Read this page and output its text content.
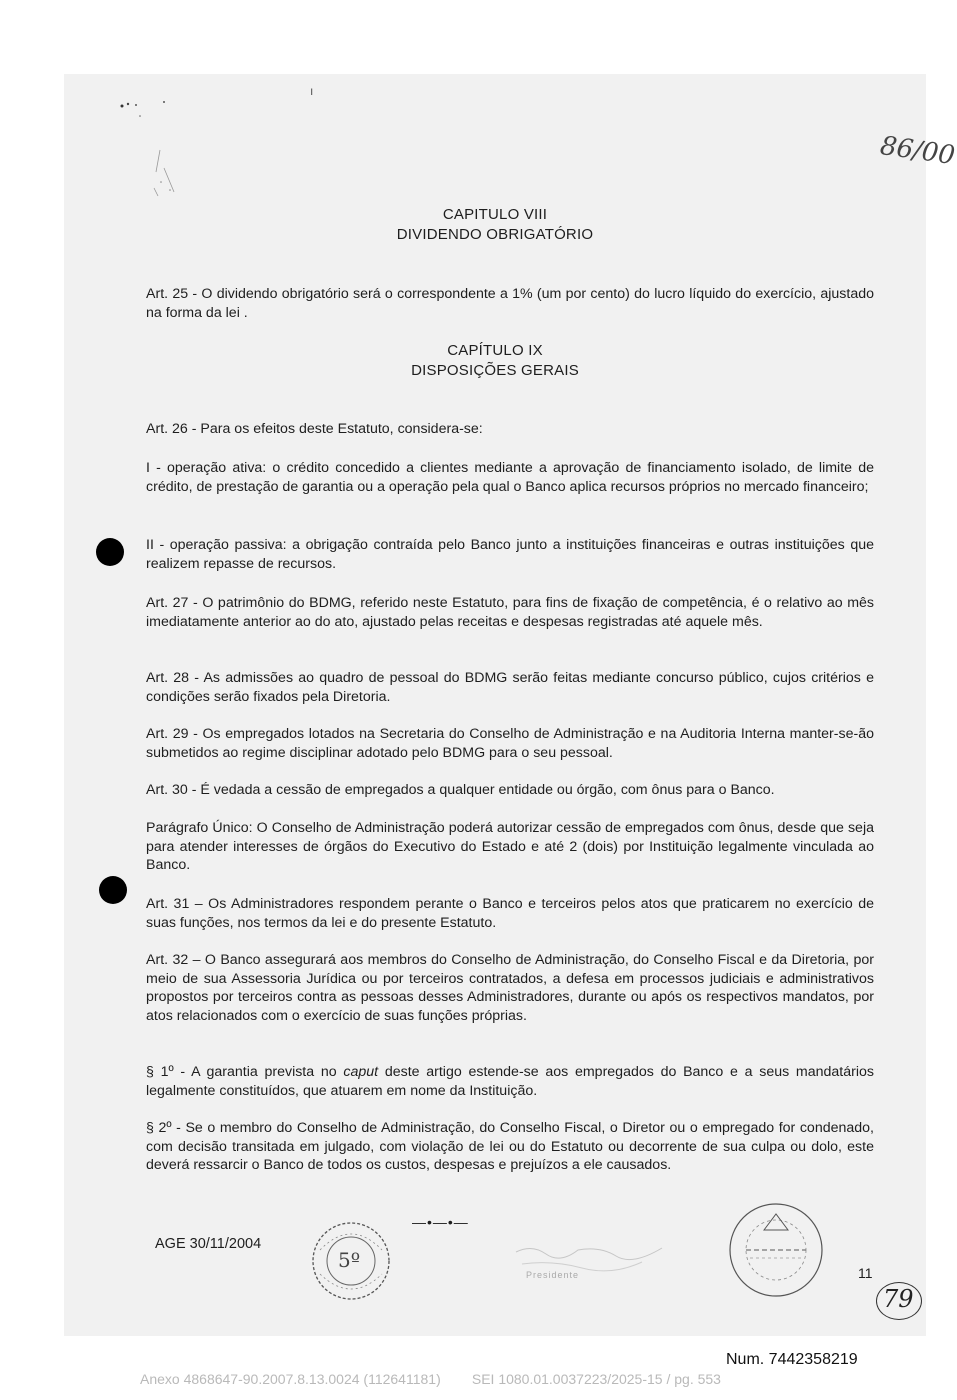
ı
86/00
CAPITULO VIII
DIVIDENDO OBRIGATÓRIO
Art. 25 - O dividendo obrigatório será o correspondente a 1% (um por cento) do lucro líquido do exercício, ajustado na forma da lei .
CAPÍTULO IX
DISPOSIÇÕES GERAIS
Art. 26 - Para os efeitos deste Estatuto, considera-se:
I - operação ativa: o crédito concedido a clientes mediante a aprovação de financiamento isolado, de limite de crédito, de prestação de garantia ou a operação pela qual o Banco aplica recursos próprios no mercado financeiro;
II - operação passiva: a obrigação contraída pelo Banco junto a instituições financeiras e outras instituições que realizem repasse de recursos.
Art. 27 - O patrimônio do BDMG, referido neste Estatuto, para fins de fixação de competência, é o relativo ao mês imediatamente anterior ao do ato, ajustado pelas receitas e despesas registradas até aquele mês.
Art. 28 - As admissões ao quadro de pessoal do BDMG serão feitas mediante concurso público, cujos critérios e condições serão fixados pela Diretoria.
Art. 29 - Os empregados lotados na Secretaria do Conselho de Administração e na Auditoria Interna manter-se-ão submetidos ao regime disciplinar adotado pelo BDMG para o seu pessoal.
Art. 30 - É vedada a cessão de empregados a qualquer entidade ou órgão, com ônus para o Banco.
Parágrafo Único: O Conselho de Administração poderá autorizar cessão de empregados com ônus, desde que seja para atender interesses de órgãos do Executivo do Estado e até 2 (dois) por Instituição legalmente vinculada ao Banco.
Art. 31 – Os Administradores respondem perante o Banco e terceiros pelos atos que praticarem no exercício de suas funções, nos termos da lei e do presente Estatuto.
Art. 32 – O Banco assegurará aos membros do Conselho de Administração, do Conselho Fiscal e da Diretoria, por meio de sua Assessoria Jurídica ou por terceiros contratados, a defesa em processos judiciais e administrativos propostos por terceiros contra as pessoas desses Administradores, durante ou após os respectivos mandatos, por atos relacionados com o exercício de suas funções próprias.
§ 1º - A garantia prevista no caput deste artigo estende-se aos empregados do Banco e a seus mandatários legalmente constituídos, que atuarem em nome da Instituição.
§ 2º - Se o membro do Conselho de Administração, do Conselho Fiscal, o Diretor ou o empregado for condenado, com decisão transitada em julgado, com violação de lei ou do Estatuto ou decorrente de sua culpa ou dolo, este deverá ressarcir o Banco de todos os custos, despesas e prejuízos a ele causados.
—•—•—
AGE 30/11/2004
5º
Presidente	11
79
Num. 7442358219
Anexo 4868647-90.2007.8.13.0024 (112641181)        SEI 1080.01.0037223/2025-15 / pg. 553
